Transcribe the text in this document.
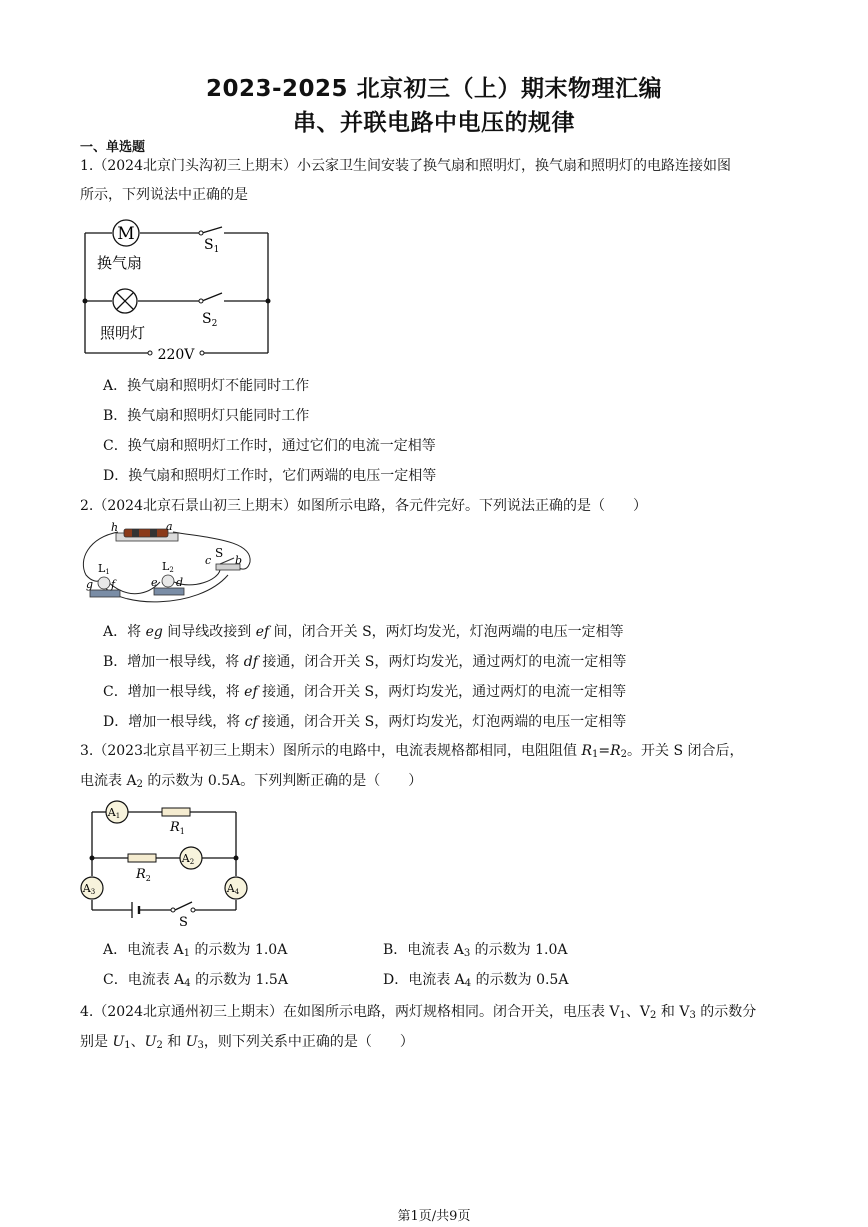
2023-2025 北京初三（上）期末物理汇编
串、并联电路中电压的规律
一、单选题
1.（2024北京门头沟初三上期末）小云家卫生间安装了换气扇和照明灯，换气扇和照明灯的电路连接如图
所示，下列说法中正确的是
M
换气扇
照明灯
$S_1$
$S_2$
220V
A．换气扇和照明灯不能同时工作
B．换气扇和照明灯只能同时工作
C．换气扇和照明灯工作时，通过它们的电流一定相等
D．换气扇和照明灯工作时，它们两端的电压一定相等
2.（2024北京石景山初三上期末）如图所示电路，各元件完好。下列说法正确的是（　　）
h	a
c
S
b
L1
g f
L2
e d
A．将 eg 间导线改接到 ef 间，闭合开关 S，两灯均发光，灯泡两端的电压一定相等
B．增加一根导线，将 df 接通，闭合开关 S，两灯均发光，通过两灯的电流一定相等
C．增加一根导线，将 ef 接通，闭合开关 S，两灯均发光，通过两灯的电流一定相等
D．增加一根导线，将 cf 接通，闭合开关 S，两灯均发光，灯泡两端的电压一定相等
3.（2023北京昌平初三上期末）图所示的电路中，电流表规格都相同，电阻阻值 $R_1=R_2$。开关 S 闭合后，
电流表 $A_2$ 的示数为 0.5A。下列判断正确的是（　　）
A1
A2
A3	A4
$R_1$
$R_2$
S
A．电流表 $A_1$ 的示数为 1.0A	B．电流表 $A_3$ 的示数为 1.0A
C．电流表 $A_4$ 的示数为 1.5A	D．电流表 $A_4$ 的示数为 0.5A
4.（2024北京通州初三上期末）在如图所示电路，两灯规格相同。闭合开关，电压表 $V_1$、$V_2$ 和 $V_3$ 的示数分
别是 $U_1$、$U_2$ 和 $U_3$，则下列关系中正确的是（　　）
第1页/共9页
